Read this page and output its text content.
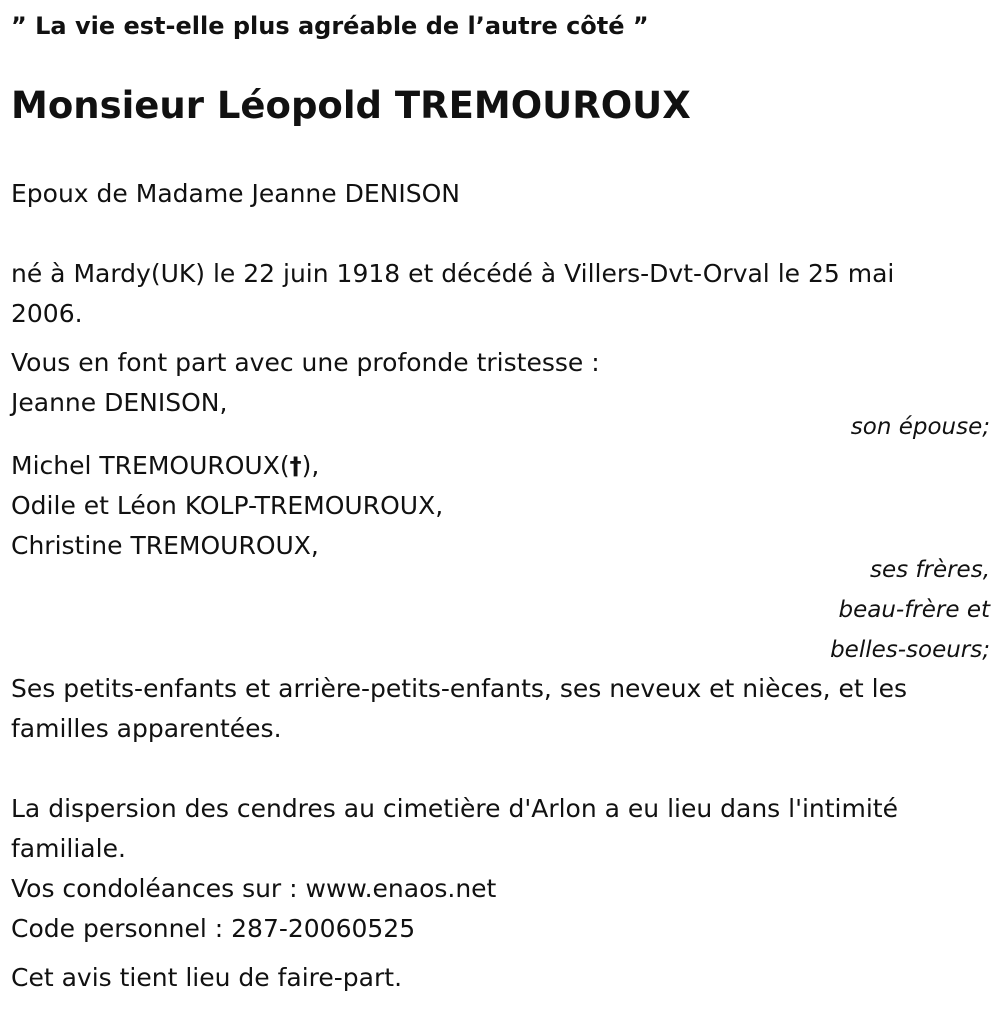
ˮ La vie est-elle plus agréable de l’autre côté ˮ
Monsieur Léopold TREMOUROUX
Epoux de Madame Jeanne DENISON
né à Mardy(UK) le 22 juin 1918 et décédé à Villers-Dvt-Orval le 25 mai
2006.
Vous en font part avec une profonde tristesse :
Jeanne DENISON,
son épouse;
Michel TREMOUROUX(†),
Odile et Léon KOLP-TREMOUROUX,
Christine TREMOUROUX,
ses frères,
beau-frère et
belles-soeurs;
Ses petits-enfants et arrière-petits-enfants, ses neveux et nièces, et les
familles apparentées.
La dispersion des cendres au cimetière d'Arlon a eu lieu dans l'intimité
familiale.
Vos condoléances sur : www.enaos.net
Code personnel : 287-20060525
Cet avis tient lieu de faire-part.
